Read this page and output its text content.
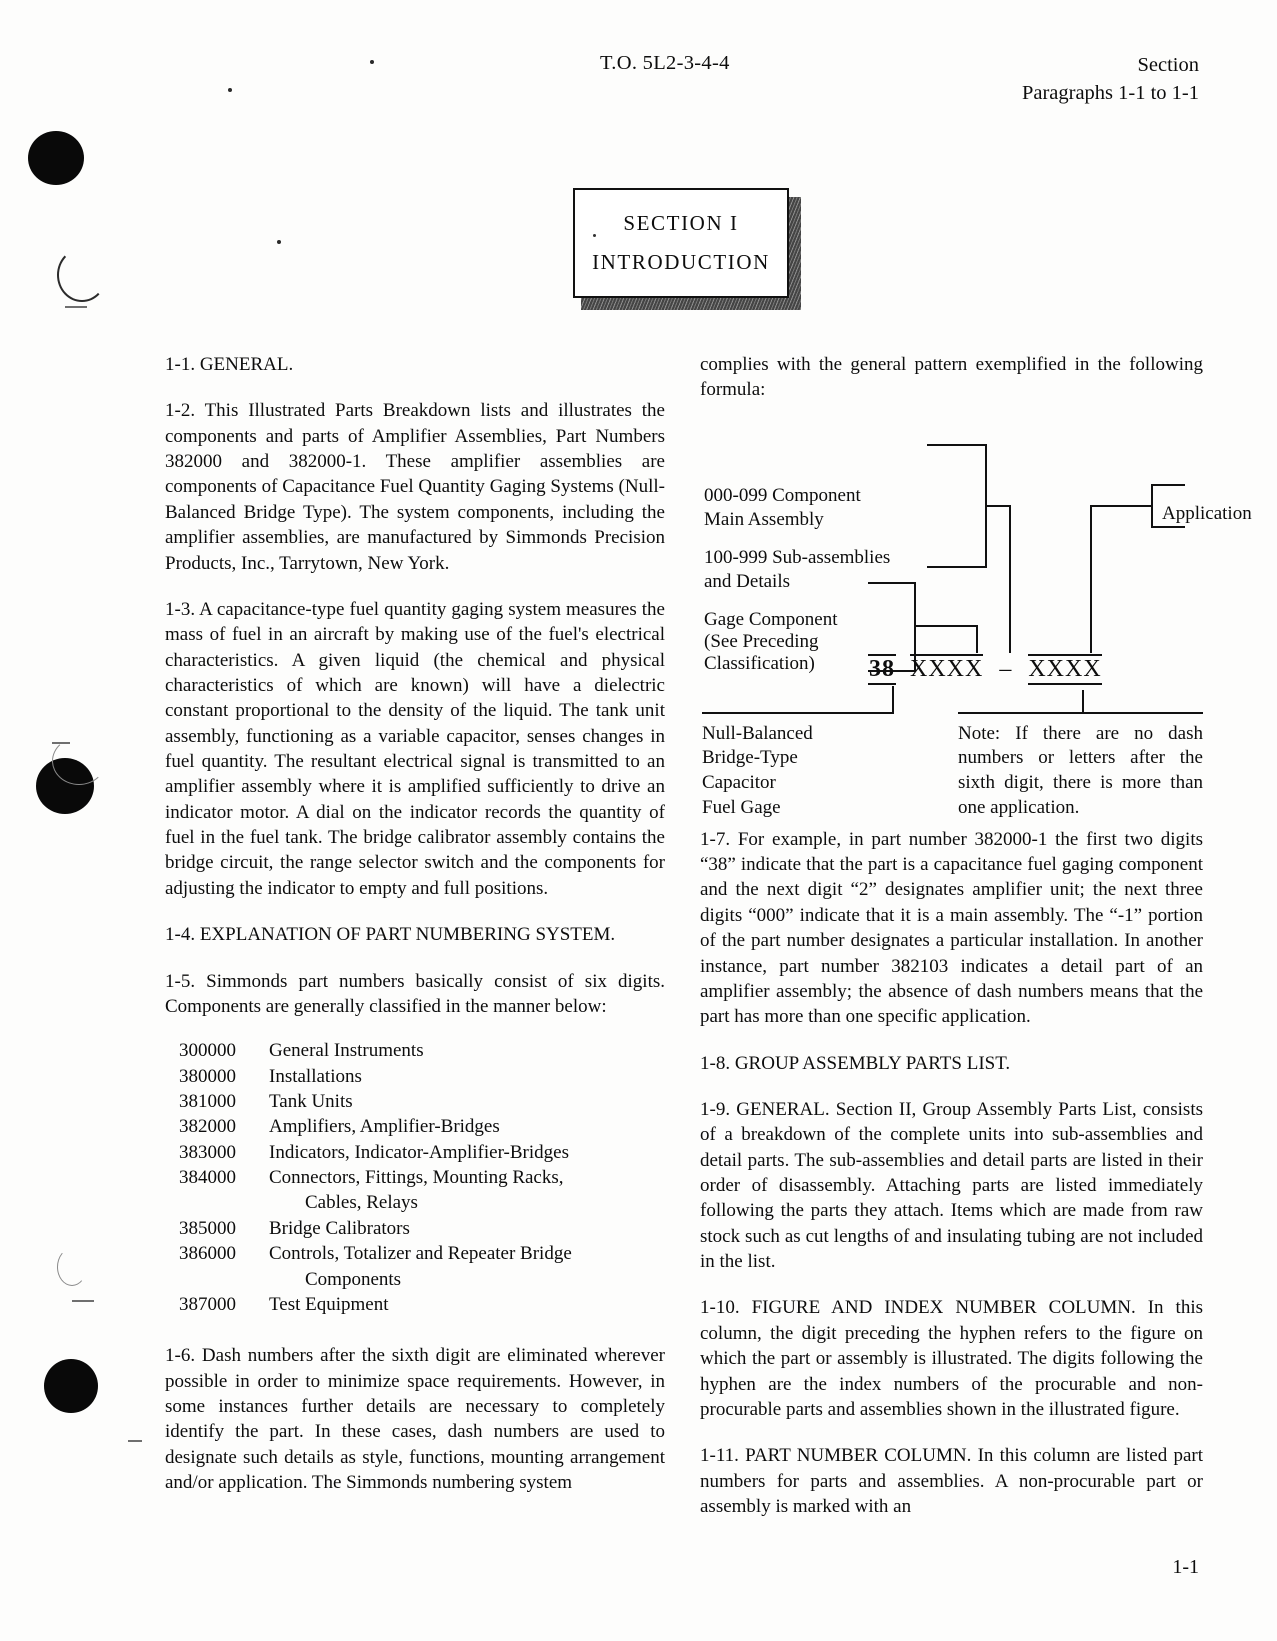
T.O. 5L2-3-4-4	Section
Paragraphs 1-1 to 1-1
SECTION I
INTRODUCTION

1-1. GENERAL.

1-2. This Illustrated Parts Breakdown lists and illustrates the components and parts of Amplifier Assemblies, Part Numbers 382000 and 382000-1. These amplifier assemblies are components of Capacitance Fuel Quantity Gaging Systems (Null-Balanced Bridge Type). The system components, including the amplifier assemblies, are manufactured by Simmonds Precision Products, Inc., Tarrytown, New York.

1-3. A capacitance-type fuel quantity gaging system measures the mass of fuel in an aircraft by making use of the fuel's electrical characteristics. A given liquid (the chemical and physical characteristics of which are known) will have a dielectric constant proportional to the density of the liquid. The tank unit assembly, functioning as a variable capacitor, senses changes in fuel quantity. The resultant electrical signal is transmitted to an amplifier assembly where it is amplified sufficiently to drive an indicator motor. A dial on the indicator records the quantity of fuel in the fuel tank. The bridge calibrator assembly contains the bridge circuit, the range selector switch and the components for adjusting the indicator to empty and full positions.

1-4. EXPLANATION OF PART NUMBERING SYSTEM.

1-5. Simmonds part numbers basically consist of six digits. Components are generally classified in the manner below:

300000	General Instruments
380000	Installations
381000	Tank Units
382000	Amplifiers, Amplifier-Bridges
383000	Indicators, Indicator-Amplifier-Bridges
384000	Connectors, Fittings, Mounting Racks,
Cables, Relays
385000	Bridge Calibrators
386000	Controls, Totalizer and Repeater Bridge
Components
387000	Test Equipment

1-6. Dash numbers after the sixth digit are eliminated wherever possible in order to minimize space requirements. However, in some instances further details are necessary to completely identify the part. In these cases, dash numbers are used to designate such details as style, functions, mounting arrangement and/or application. The Simmonds numbering system

complies with the general pattern exemplified in the following formula:

000-099 Component
Main Assembly
100-999 Sub-assemblies
and Details
Gage Component
(See Preceding
Classification)
Application
38 XXXX – XXXX
Null-Balanced
Bridge-Type
Capacitor
Fuel Gage
Note: If there are no dash numbers or letters after the sixth digit, there is more than one application.

1-7. For example, in part number 382000-1 the first two digits “38” indicate that the part is a capacitance fuel gaging component and the next digit “2” designates amplifier unit; the next three digits “000” indicate that it is a main assembly. The “-1” portion of the part number designates a particular installation. In another instance, part number 382103 indicates a detail part of an amplifier assembly; the absence of dash numbers means that the part has more than one specific application.

1-8. GROUP ASSEMBLY PARTS LIST.

1-9. GENERAL. Section II, Group Assembly Parts List, consists of a breakdown of the complete units into sub-assemblies and detail parts. The sub-assemblies and detail parts are listed in their order of disassembly. Attaching parts are listed immediately following the parts they attach. Items which are made from raw stock such as cut lengths of and insulating tubing are not included in the list.

1-10. FIGURE AND INDEX NUMBER COLUMN. In this column, the digit preceding the hyphen refers to the figure on which the part or assembly is illustrated. The digits following the hyphen are the index numbers of the procurable and non-procurable parts and assemblies shown in the illustrated figure.

1-11. PART NUMBER COLUMN. In this column are listed part numbers for parts and assemblies. A non-procurable part or assembly is marked with an

1-1
